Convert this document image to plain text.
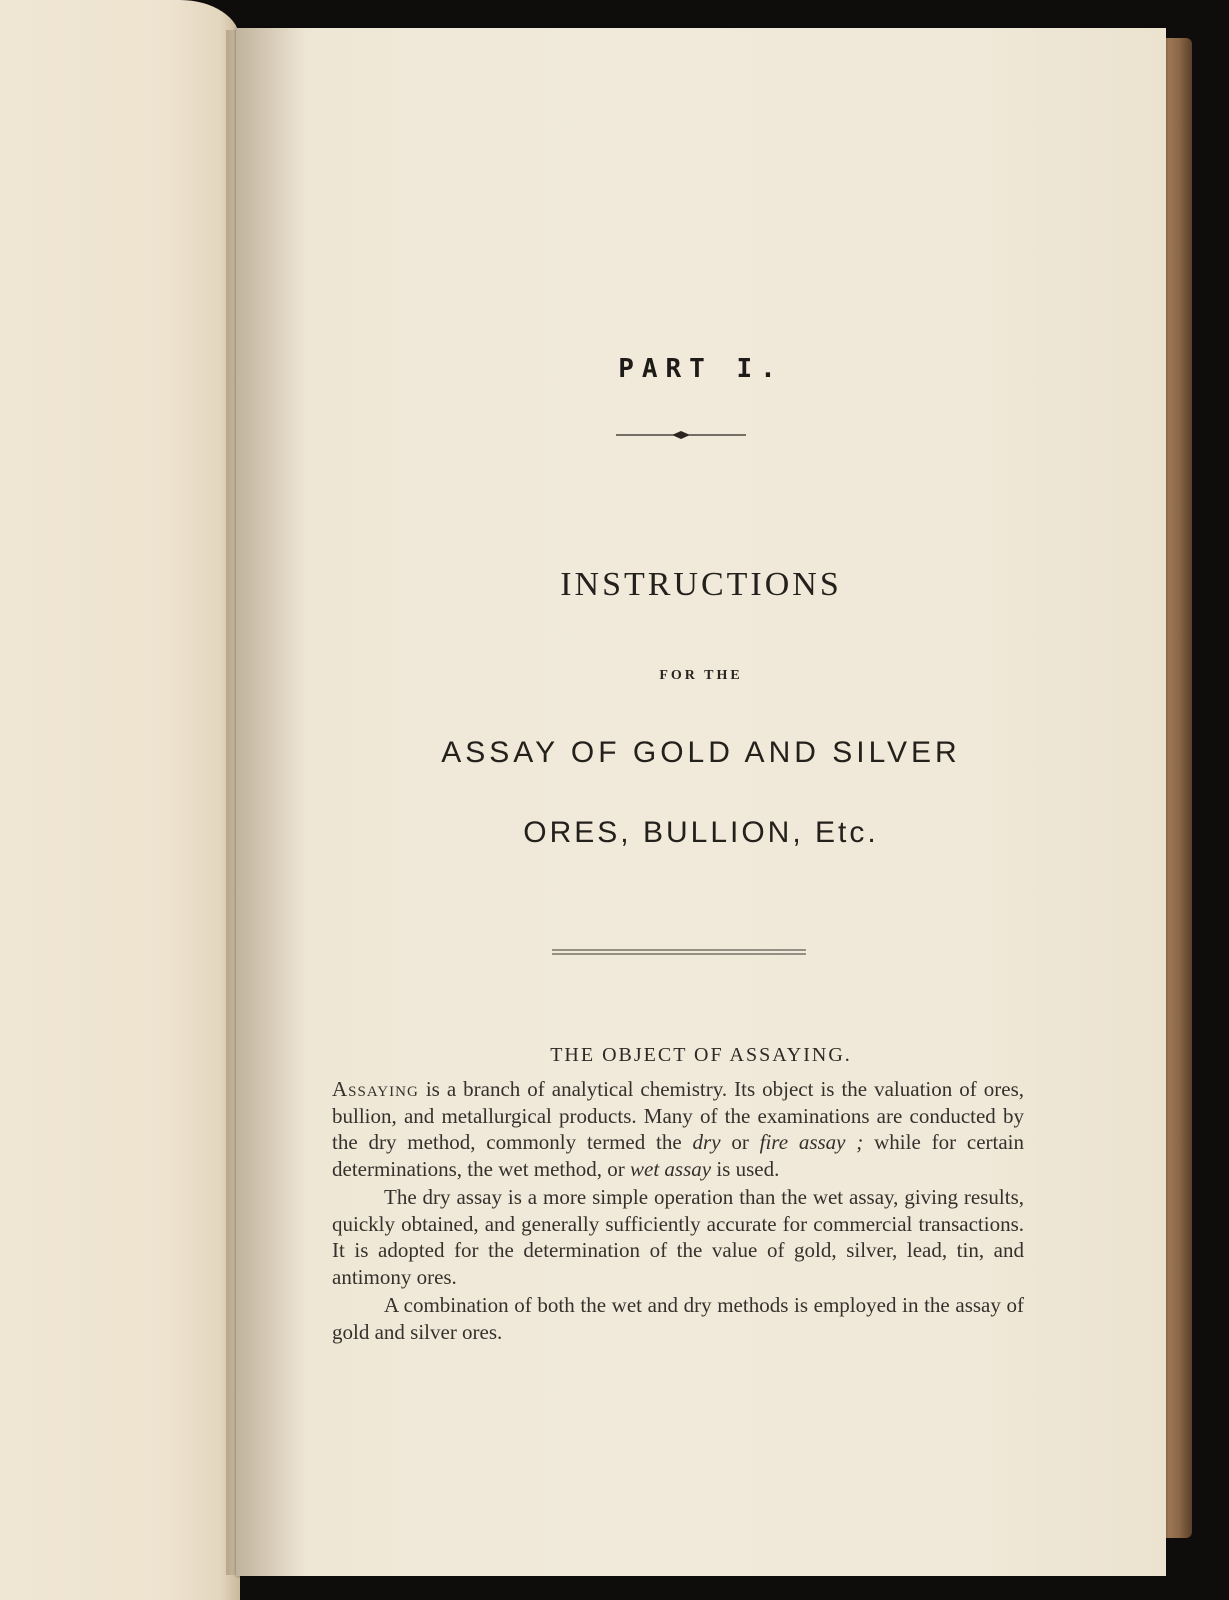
PART I.
INSTRUCTIONS
FOR THE
ASSAY OF GOLD AND SILVER
ORES, BULLION, Etc.
THE OBJECT OF ASSAYING.

Assaying is a branch of analytical chemistry. Its object is the valuation of ores, bullion, and metallurgical products. Many of the examinations are conducted by the dry method, commonly termed the dry or fire assay ; while for certain determinations, the wet method, or wet assay is used.

The dry assay is a more simple operation than the wet assay, giving results, quickly obtained, and generally sufficiently accurate for commercial transactions. It is adopted for the determination of the value of gold, silver, lead, tin, and antimony ores.

A combination of both the wet and dry methods is employed in the assay of gold and silver ores.
